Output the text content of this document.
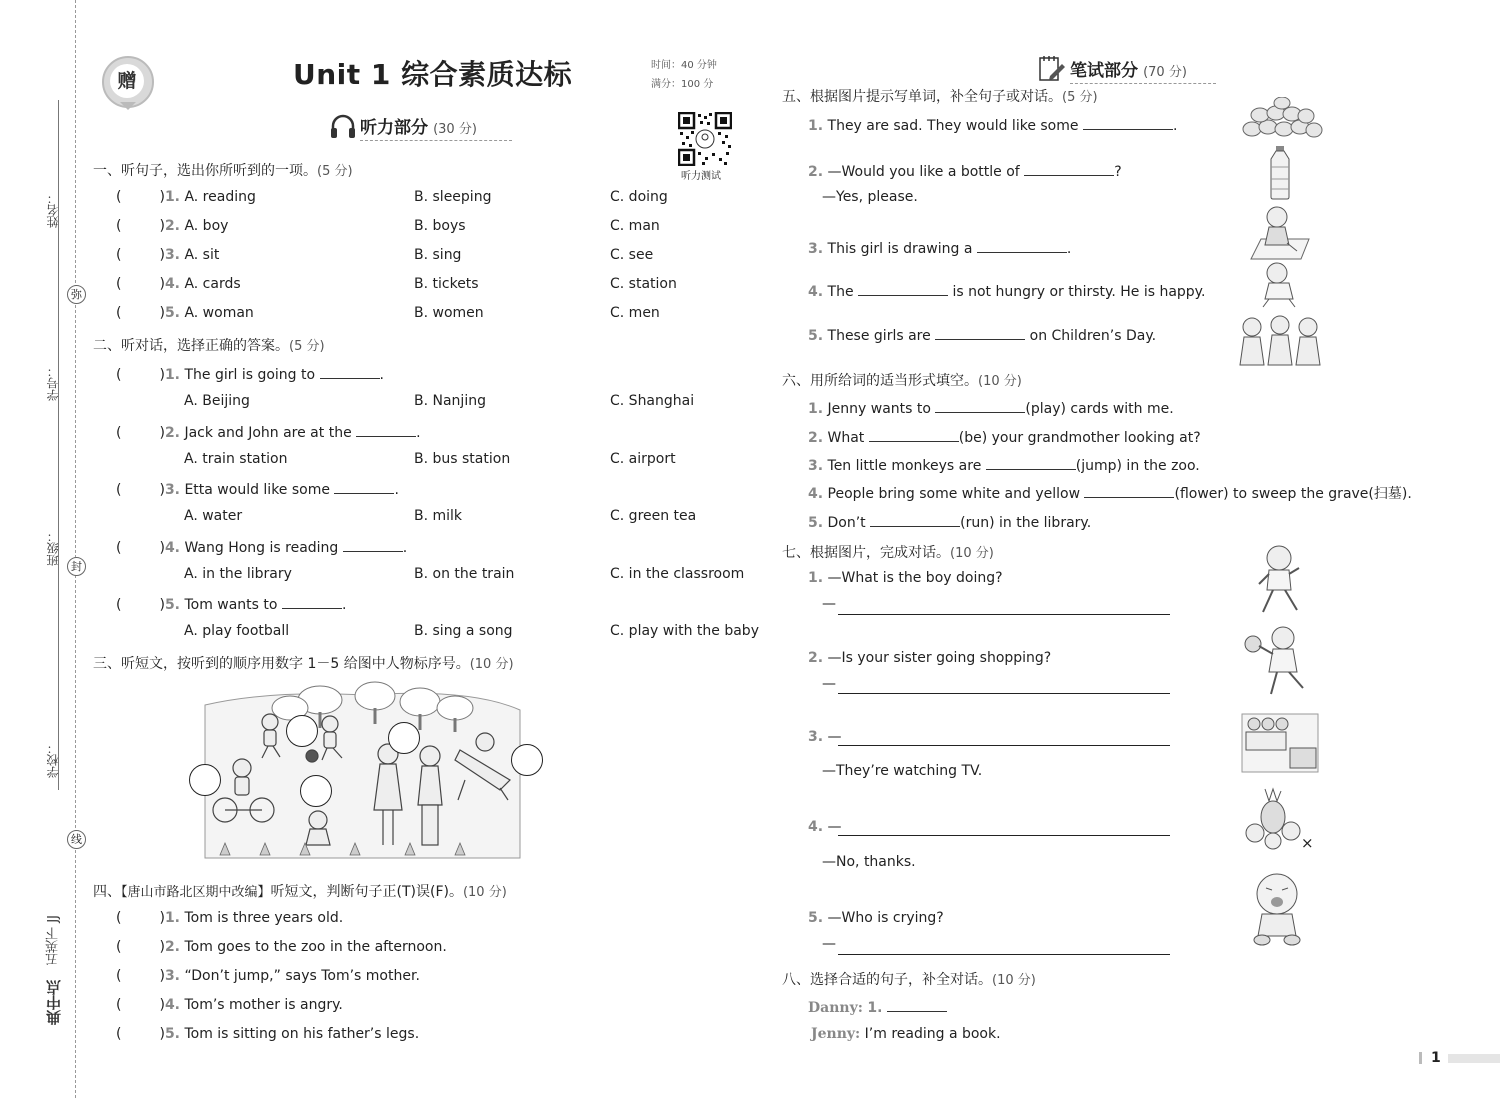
姓名：
学号：
班级：
学校：
弥
封
线
五英下 JJ
典中点
赠	Unit 1 综合素质达标	时间：40 分钟
满分：100 分
听力部分 (30 分)
听力测试
笔试部分 (70 分)
一、听句子，选出你所听到的一项。(5 分)
(	)1. A. reading	B. sleeping	C. doing
(	)2. A. boy	B. boys	C. man
(	)3. A. sit	B. sing	C. see
(	)4. A. cards	B. tickets	C. station
(	)5. A. woman	B. women	C. men
二、听对话，选择正确的答案。(5 分)
(	)1. The girl is going to	.
A. Beijing	B. Nanjing	C. Shanghai
(	)2. Jack and John are at the	.
A. train station	B. bus station	C. airport
(	)3. Etta would like some	.
A. water	B. milk	C. green tea
(	)4. Wang Hong is reading	.
A. in the library	B. on the train	C. in the classroom
(	)5. Tom wants to	.
A. play football	B. sing a song	C. play with the baby
三、听短文，按听到的顺序用数字 1－5 给图中人物标序号。(10 分)
四、【唐山市路北区期中改编】听短文，判断句子正(T)误(F)。(10 分)
(	)1. Tom is three years old.
(	)2. Tom goes to the zoo in the afternoon.
(	)3. “Don’t jump,” says Tom’s mother.
(	)4. Tom’s mother is angry.
(	)5. Tom is sitting on his father’s legs.
五、根据图片提示写单词，补全句子或对话。(5 分)
1. They are sad. They would like some	.
2. —Would you like a bottle of	?
—Yes, please.
3. This girl is drawing a	.
4. The	is not hungry or thirsty. He is happy.
5. These girls are	on Children’s Day.
六、用所给词的适当形式填空。(10 分)
1. Jenny wants to	(play) cards with me.
2. What	(be) your grandmother looking at?
3. Ten little monkeys are	(jump) in the zoo.
4. People bring some white and yellow	(flower) to sweep the grave(扫墓).
5. Don’t	(run) in the library.
七、根据图片，完成对话。(10 分)
1. —What is the boy doing?
—
2. —Is your sister going shopping?
—
3. —
—They’re watching TV.
4. —
—No, thanks.
5. —Who is crying?
—
×
八、选择合适的句子，补全对话。(10 分)
Danny: 1.
Jenny: I’m reading a book.
1
